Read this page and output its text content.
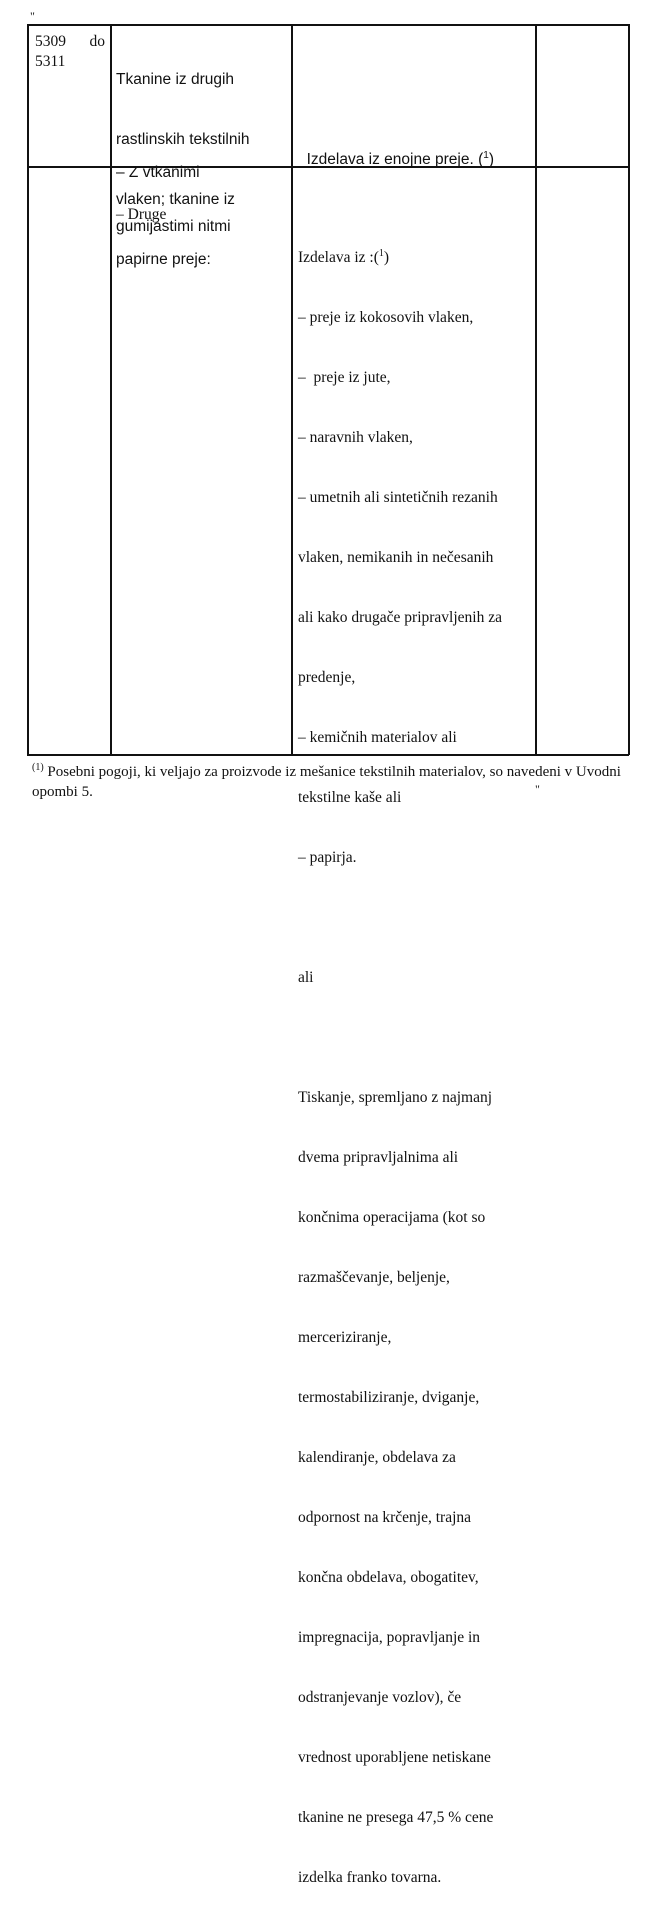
"
"
5309 do
5311

Tkanine iz drugih

rastlinskih tekstilnih

vlaken; tkanine iz

papirne preje:

– Z vtkanimi

gumijastimi nitmi

Izdelava iz enojne preje. ($^1$)

– Druge

Izdelava iz :($^1$)

– preje iz kokosovih vlaken,

–  preje iz jute,

– naravnih vlaken,

– umetnih ali sintetičnih rezanih

vlaken, nemikanih in nečesanih

ali kako drugače pripravljenih za

predenje,

– kemičnih materialov ali

tekstilne kaše ali

– papirja.

ali

Tiskanje, spremljano z najmanj

dvema pripravljalnima ali

končnima operacijama (kot so

razmaščevanje, beljenje,

merceriziranje,

termostabiliziranje, dviganje,

kalendiranje, obdelava za

odpornost na krčenje, trajna

končna obdelava, obogatitev,

impregnacija, popravljanje in

odstranjevanje vozlov), če

vrednost uporabljene netiskane

tkanine ne presega 47,5 % cene

izdelka franko tovarna.

$^{(1)}$ Posebni pogoji, ki veljajo za proizvode iz mešanice tekstilnih materialov, so navedeni v Uvodni opombi 5.
